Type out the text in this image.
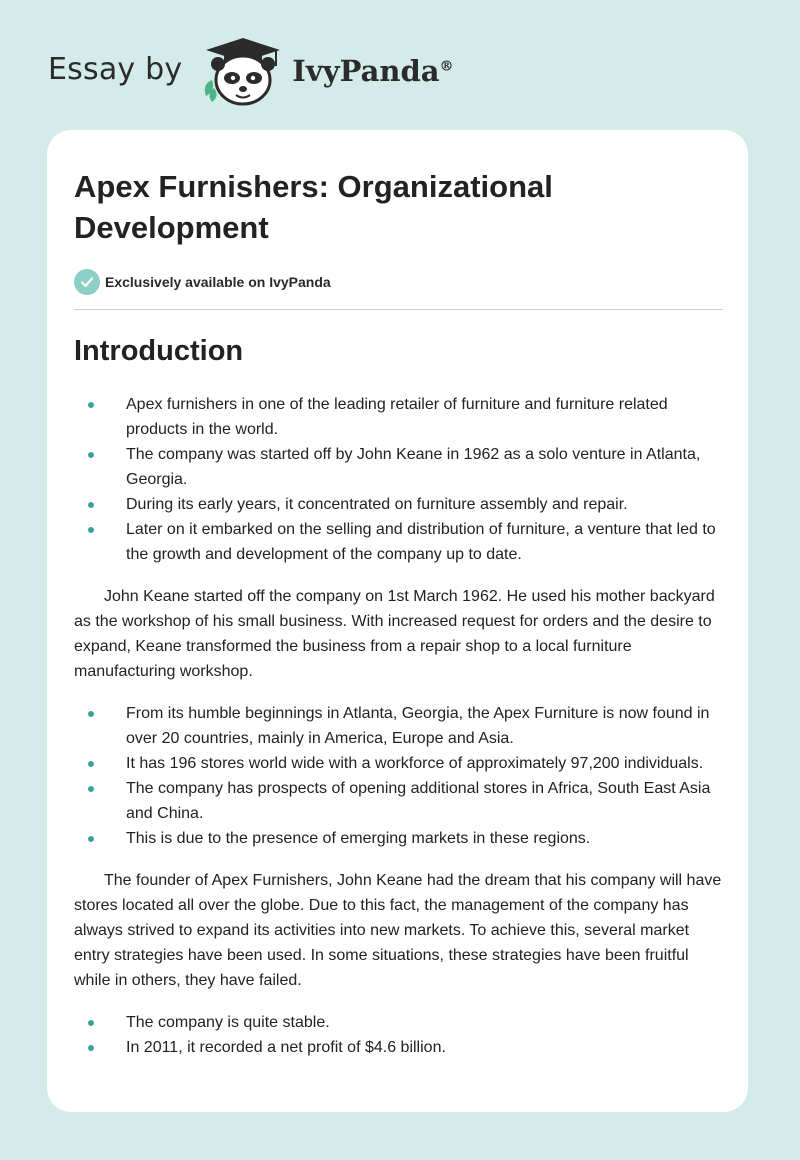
Essay by	IvyPanda®
Apex Furnishers: Organizational Development
Exclusively available on IvyPanda
Introduction
Apex furnishers in one of the leading retailer of furniture and furniture related products in the world.
The company was started off by John Keane in 1962 as a solo venture in Atlanta, Georgia.
During its early years, it concentrated on furniture assembly and repair.
Later on it embarked on the selling and distribution of furniture, a venture that led to the growth and development of the company up to date.

John Keane started off the company on 1st March 1962. He used his mother backyard as the workshop of his small business. With increased request for orders and the desire to expand, Keane transformed the business from a repair shop to a local furniture manufacturing workshop.

From its humble beginnings in Atlanta, Georgia, the Apex Furniture is now found in over 20 countries, mainly in America, Europe and Asia.
It has 196 stores world wide with a workforce of approximately 97,200 individuals.
The company has prospects of opening additional stores in Africa, South East Asia and China.
This is due to the presence of emerging markets in these regions.

The founder of Apex Furnishers, John Keane had the dream that his company will have stores located all over the globe. Due to this fact, the management of the company has always strived to expand its activities into new markets. To achieve this, several market entry strategies have been used. In some situations, these strategies have been fruitful while in others, they have failed.

The company is quite stable.
In 2011, it recorded a net profit of $4.6 billion.
